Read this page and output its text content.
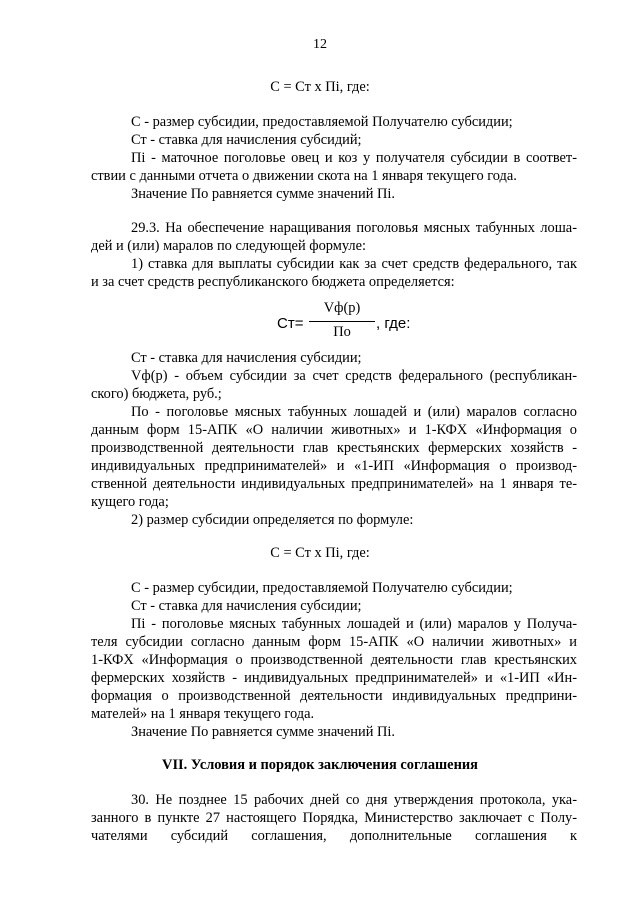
12
С = Ст х Пi, где:
С - размер субсидии, предоставляемой Получателю субсидии;
Ст - ставка для начисления субсидий;
Пi - маточное поголовье овец и коз у получателя субсидии в соответ-
ствии с данными отчета о движении скота на 1 января текущего года.
Значение По равняется сумме значений Пi.
29.3. На обеспечение наращивания поголовья мясных табунных лоша-
дей и (или) маралов по следующей формуле:
1) ставка для выплаты субсидии как за счет средств федерального, так
и за счет средств республиканского бюджета определяется:
Ст=
Vф(р)
По	, где:
Ст - ставка для начисления субсидии;
Vф(р) - объем субсидии за счет средств федерального (республикан-
ского) бюджета, руб.;
По - поголовье мясных табунных лошадей и (или) маралов согласно
данным форм 15-АПК «О наличии животных» и 1-КФХ «Информация о
производственной деятельности глав крестьянских фермерских хозяйств -
индивидуальных предпринимателей» и «1-ИП «Информация о производ-
ственной деятельности индивидуальных предпринимателей» на 1 января те-
кущего года;
2) размер субсидии определяется по формуле:
С = Ст х Пi, где:
С - размер субсидии, предоставляемой Получателю субсидии;
Ст - ставка для начисления субсидии;
Пi - поголовье мясных табунных лошадей и (или) маралов у Получа-
теля субсидии согласно данным форм 15-АПК «О наличии животных» и
1-КФХ «Информация о производственной деятельности глав крестьянских
фермерских хозяйств - индивидуальных предпринимателей» и «1-ИП «Ин-
формация о производственной деятельности индивидуальных предприни-
мателей» на 1 января текущего года.
Значение По равняется сумме значений Пi.
VII. Условия и порядок заключения соглашения
30. Не позднее 15 рабочих дней со дня утверждения протокола, ука-
занного в пункте 27 настоящего Порядка, Министерство заключает с Полу-
чателями субсидий соглашения, дополнительные соглашения к
